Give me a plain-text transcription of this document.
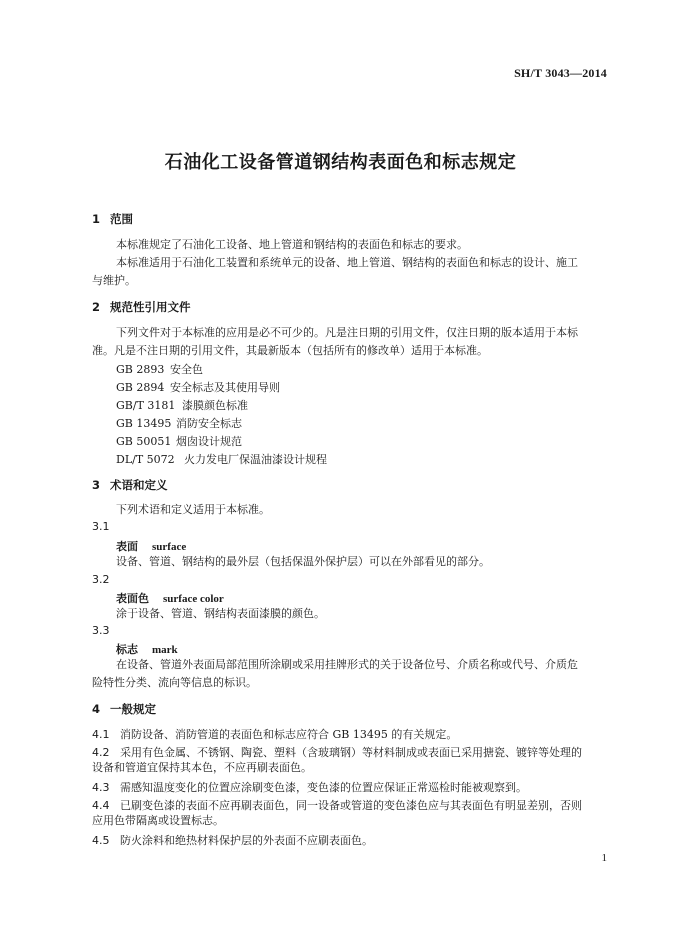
SH/T 3043—2014
石油化工设备管道钢结构表面色和标志规定
1 范围
本标准规定了石油化工设备、地上管道和钢结构的表面色和标志的要求。
本标准适用于石油化工装置和系统单元的设备、地上管道、钢结构的表面色和标志的设计、施工
与维护。
2 规范性引用文件
下列文件对于本标准的应用是必不可少的。凡是注日期的引用文件，仅注日期的版本适用于本标
准。凡是不注日期的引用文件，其最新版本（包括所有的修改单）适用于本标准。
GB 2893 安全色
GB 2894 安全标志及其使用导则
GB/T 3181 漆膜颜色标准
GB 13495 消防安全标志
GB 50051 烟囱设计规范
DL/T 5072 火力发电厂保温油漆设计规程
3 术语和定义
下列术语和定义适用于本标准。
3.1
表面 surface
设备、管道、钢结构的最外层（包括保温外保护层）可以在外部看见的部分。
3.2
表面色 surface color
涂于设备、管道、钢结构表面漆膜的颜色。
3.3
标志 mark
在设备、管道外表面局部范围所涂刷或采用挂牌形式的关于设备位号、介质名称或代号、介质危
险特性分类、流向等信息的标识。
4 一般规定
4.1 消防设备、消防管道的表面色和标志应符合 GB 13495 的有关规定。
4.2 采用有色金属、不锈钢、陶瓷、塑料（含玻璃钢）等材料制成或表面已采用搪瓷、镀锌等处理的
设备和管道宜保持其本色，不应再刷表面色。
4.3 需感知温度变化的位置应涂刷变色漆，变色漆的位置应保证正常巡检时能被观察到。
4.4 已刷变色漆的表面不应再刷表面色，同一设备或管道的变色漆色应与其表面色有明显差别，否则
应用色带隔离或设置标志。
4.5 防火涂料和绝热材料保护层的外表面不应刷表面色。
1
